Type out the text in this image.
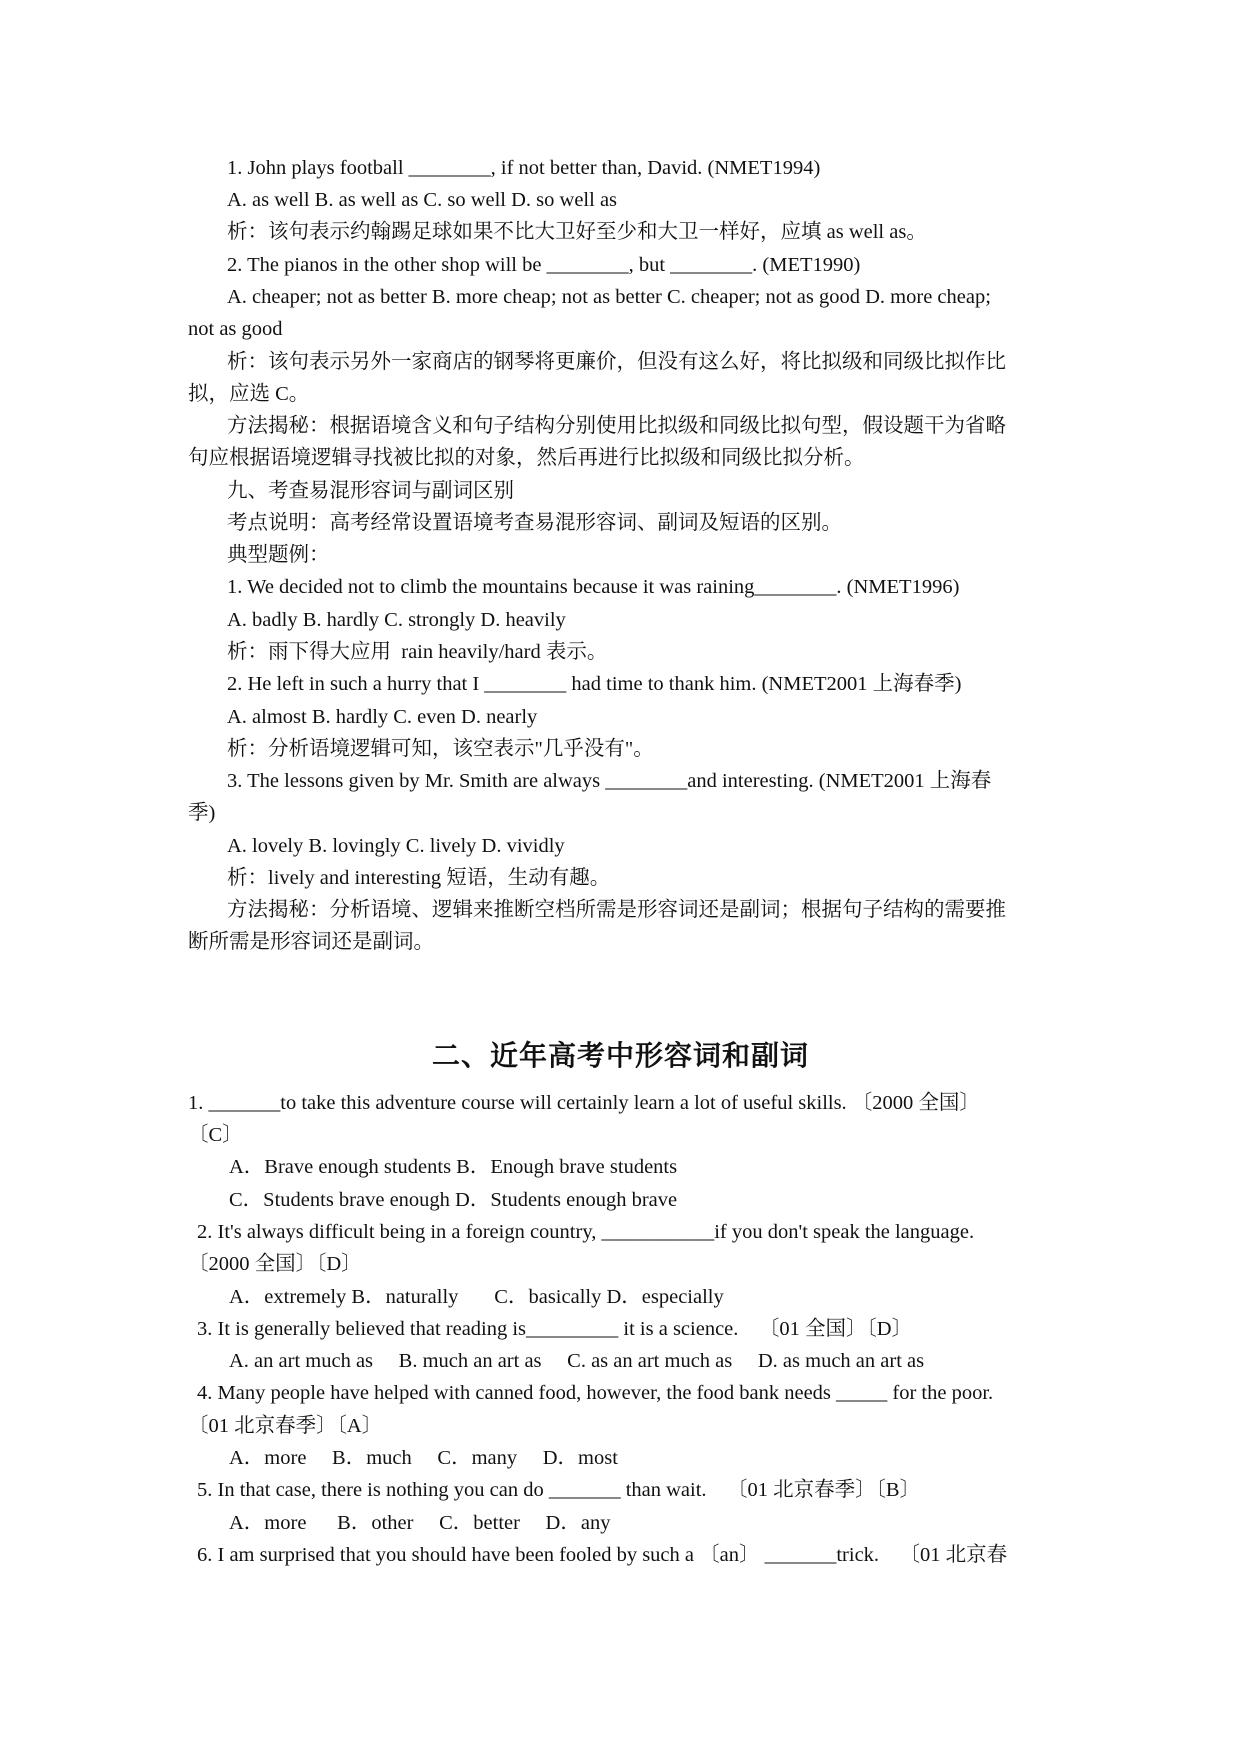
1. John plays football ________, if not better than, David. (NMET1994)
A. as well B. as well as C. so well D. so well as
析：该句表示约翰踢足球如果不比大卫好至少和大卫一样好，应填 as well as。
2. The pianos in the other shop will be ________, but ________. (MET1990)
A. cheaper; not as better B. more cheap; not as better C. cheaper; not as good D. more cheap;
not as good
析：该句表示另外一家商店的钢琴将更廉价，但没有这么好，将比拟级和同级比拟作比
拟，应选 C。
方法揭秘：根据语境含义和句子结构分别使用比拟级和同级比拟句型，假设题干为省略
句应根据语境逻辑寻找被比拟的对象，然后再进行比拟级和同级比拟分析。
九、考查易混形容词与副词区别
考点说明：高考经常设置语境考查易混形容词、副词及短语的区别。
典型题例：
1. We decided not to climb the mountains because it was raining________. (NMET1996)
A. badly B. hardly C. strongly D. heavily
析：雨下得大应用  rain heavily/hard 表示。
2. He left in such a hurry that I ________ had time to thank him. (NMET2001 上海春季)
A. almost B. hardly C. even D. nearly
析：分析语境逻辑可知，该空表示"几乎没有"。
3. The lessons given by Mr. Smith are always ________and interesting. (NMET2001 上海春
季)
A. lovely B. lovingly C. lively D. vividly
析：lively and interesting 短语，生动有趣。
方法揭秘：分析语境、逻辑来推断空档所需是形容词还是副词；根据句子结构的需要推
断所需是形容词还是副词。
二、近年高考中形容词和副词
1. _______to take this adventure course will certainly learn a lot of useful skills. 〔2000 全国〕
〔C〕
A．Brave enough students B．Enough brave students
C．Students brave enough D．Students enough brave
2. It's always difficult being in a foreign country, ___________if you don't speak the language.
〔2000 全国〕〔D〕
A．extremely B．naturally       C．basically D．especially
3. It is generally believed that reading is_________ it is a science.    〔01 全国〕〔D〕
A. an art much as     B. much an art as     C. as an art much as     D. as much an art as
4. Many people have helped with canned food, however, the food bank needs _____ for the poor.
〔01 北京春季〕〔A〕
A．more     B．much     C．many     D．most
5. In that case, there is nothing you can do _______ than wait.    〔01 北京春季〕〔B〕
A．more      B．other     C．better     D．any
6. I am surprised that you should have been fooled by such a 〔an〕 _______trick.    〔01 北京春
